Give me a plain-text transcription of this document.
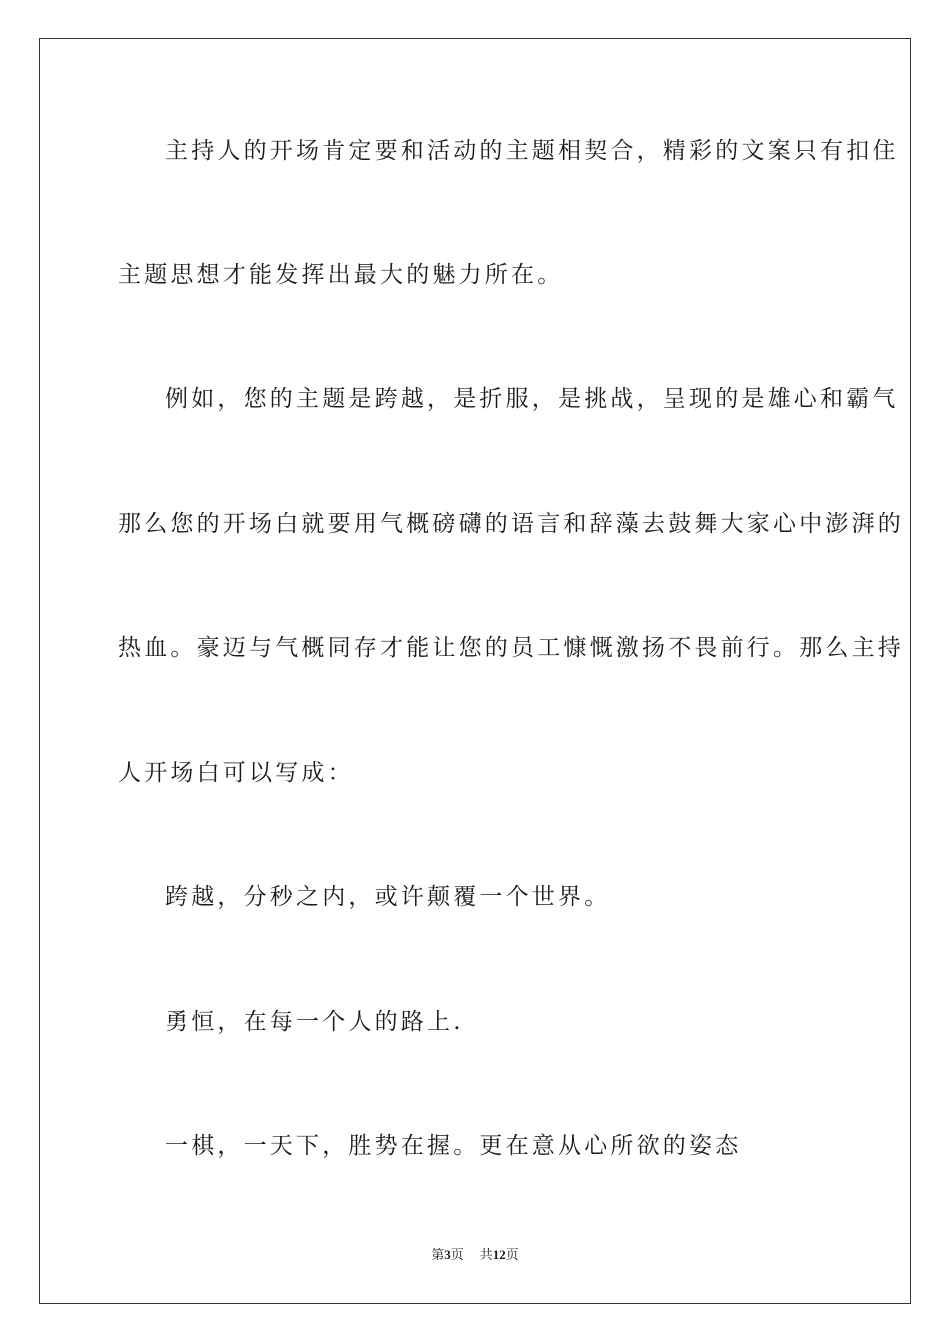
主持人的开场肯定要和活动的主题相契合，精彩的文案只有扣住
主题思想才能发挥出最大的魅力所在。
例如，您的主题是跨越，是折服，是挑战，呈现的是雄心和霸气
那么您的开场白就要用气概磅礴的语言和辞藻去鼓舞大家心中澎湃的
热血。豪迈与气概同存才能让您的员工慷慨激扬不畏前行。那么主持
人开场白可以写成：
跨越，分秒之内，或许颠覆一个世界。
勇恒，在每一个人的路上.
一棋，一天下，胜势在握。更在意从心所欲的姿态
第3页 共12页
